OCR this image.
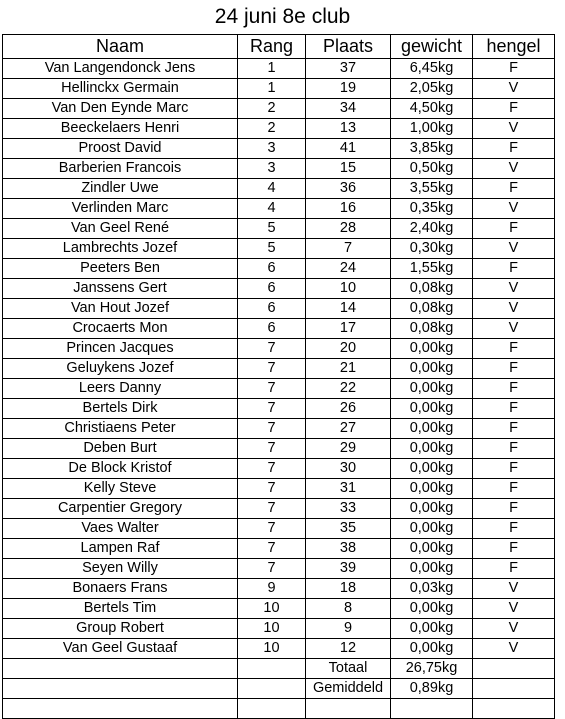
24 juni 8e club
Naam	Rang	Plaats	gewicht	hengel
Van Langendonck Jens	1	37	6,45kg	F
Hellinckx Germain	1	19	2,05kg	V
Van Den Eynde Marc	2	34	4,50kg	F
Beeckelaers Henri	2	13	1,00kg	V
Proost David	3	41	3,85kg	F
Barberien Francois	3	15	0,50kg	V
Zindler Uwe	4	36	3,55kg	F
Verlinden Marc	4	16	0,35kg	V
Van Geel René	5	28	2,40kg	F
Lambrechts Jozef	5	7	0,30kg	V
Peeters Ben	6	24	1,55kg	F
Janssens Gert	6	10	0,08kg	V
Van Hout Jozef	6	14	0,08kg	V
Crocaerts Mon	6	17	0,08kg	V
Princen Jacques	7	20	0,00kg	F
Geluykens Jozef	7	21	0,00kg	F
Leers Danny	7	22	0,00kg	F
Bertels Dirk	7	26	0,00kg	F
Christiaens Peter	7	27	0,00kg	F
Deben Burt	7	29	0,00kg	F
De Block Kristof	7	30	0,00kg	F
Kelly Steve	7	31	0,00kg	F
Carpentier Gregory	7	33	0,00kg	F
Vaes Walter	7	35	0,00kg	F
Lampen Raf	7	38	0,00kg	F
Seyen Willy	7	39	0,00kg	F
Bonaers Frans	9	18	0,03kg	V
Bertels Tim	10	8	0,00kg	V
Group Robert	10	9	0,00kg	V
Van Geel Gustaaf	10	12	0,00kg	V
		Totaal	26,75kg	
		Gemiddeld	0,89kg	
